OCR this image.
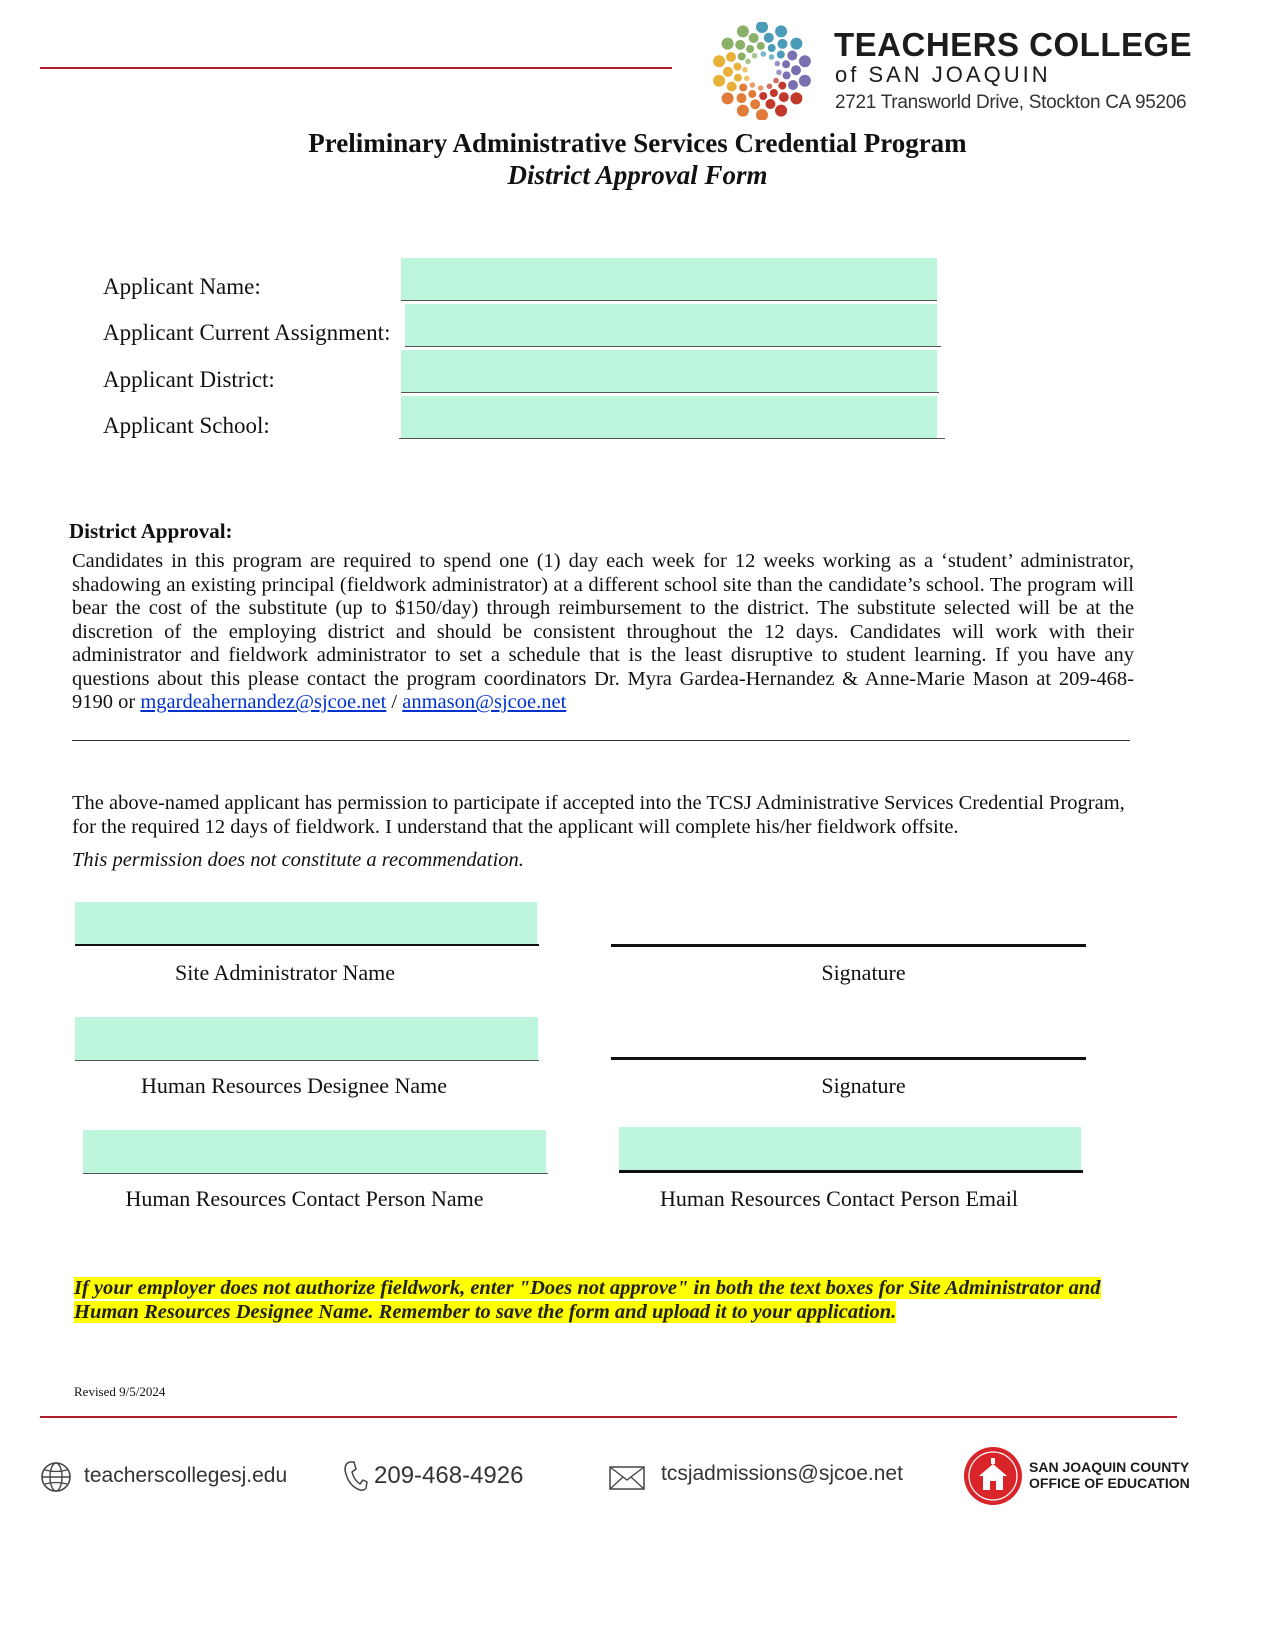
TEACHERS COLLEGE
of SAN JOAQUIN
2721 Transworld Drive, Stockton CA 95206
Preliminary Administrative Services Credential Program
District Approval Form
Applicant Name:
Applicant Current Assignment:
Applicant District:
Applicant School:
District Approval:
Candidates in this program are required to spend one (1) day each week for 12 weeks working as a ‘student’ administrator, shadowing an existing principal (fieldwork administrator) at a different school site than the candidate’s school. The program will bear the cost of the substitute (up to $150/day) through reimbursement to the district. The substitute selected will be at the discretion of the employing district and should be consistent throughout the 12 days. Candidates will work with their administrator and fieldwork administrator to set a schedule that is the least disruptive to student learning. If you have any questions about this please contact the program coordinators Dr. Myra Gardea-Hernandez & Anne-Marie Mason at 209-468-9190 or mgardeahernandez@sjcoe.net / anmason@sjcoe.net
The above-named applicant has permission to participate if accepted into the TCSJ Administrative Services Credential Program, for the required 12 days of fieldwork. I understand that the applicant will complete his/her fieldwork offsite.
This permission does not constitute a recommendation.
Site Administrator Name	Signature
Human Resources Designee Name	Signature
Human Resources Contact Person Name	Human Resources Contact Person Email
If your employer does not authorize fieldwork, enter "Does not approve" in both the text boxes for Site Administrator and Human Resources Designee Name. Remember to save the form and upload it to your application.
Revised 9/5/2024
teacherscollegesj.edu	209-468-4926	tcsjadmissions@sjcoe.net	SAN JOAQUIN COUNTY
OFFICE OF EDUCATION
